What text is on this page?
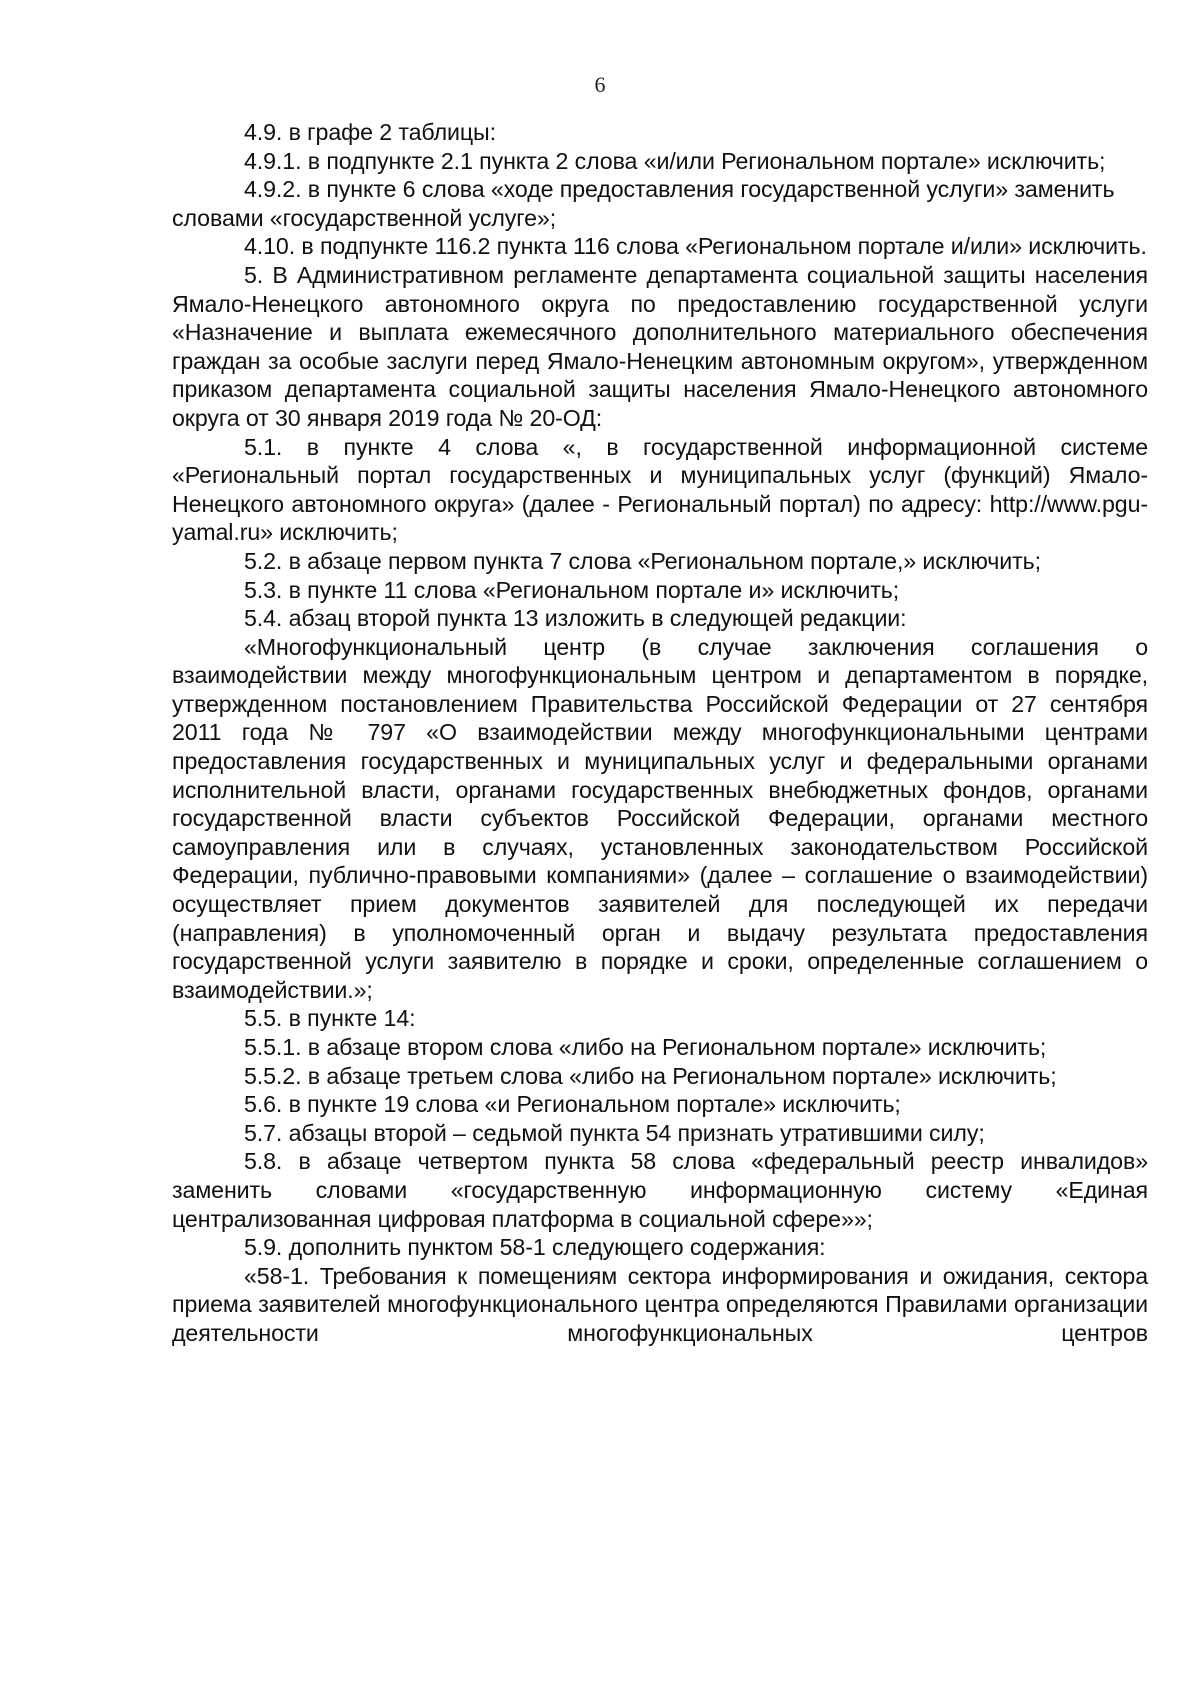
6

4.9. в графе 2 таблицы:

4.9.1. в подпункте 2.1 пункта 2 слова «и/или Региональном портале» исключить;

4.9.2. в пункте 6 слова «ходе предоставления государственной услуги» заменить словами «государственной услуге»;

4.10. в подпункте 116.2 пункта 116 слова «Региональном портале и/или» исключить.

5. В Административном регламенте департамента социальной защиты населения Ямало-Ненецкого автономного округа по предоставлению государственной услуги «Назначение и выплата ежемесячного дополнительного материального обеспечения граждан за особые заслуги перед Ямало-Ненецким автономным округом», утвержденном приказом департамента социальной защиты населения Ямало-Ненецкого автономного округа от 30 января 2019 года № 20-ОД:

5.1. в пункте 4 слова «, в государственной информационной системе «Региональный портал государственных и муниципальных услуг (функций) Ямало-Ненецкого автономного округа» (далее - Региональный портал) по адресу: http://www.pgu-yamal.ru» исключить;

5.2. в абзаце первом пункта 7 слова «Региональном портале,» исключить;

5.3. в пункте 11 слова «Региональном портале и» исключить;

5.4. абзац второй пункта 13 изложить в следующей редакции:

«Многофункциональный центр (в случае заключения соглашения о взаимодействии между многофункциональным центром и департаментом в порядке, утвержденном постановлением Правительства Российской Федерации от 27 сентября 2011 года № 797 «О взаимодействии между многофункциональными центрами предоставления государственных и муниципальных услуг и федеральными органами исполнительной власти, органами государственных внебюджетных фондов, органами государственной власти субъектов Российской Федерации, органами местного самоуправления или в случаях, установленных законодательством Российской Федерации, публично-правовыми компаниями» (далее – соглашение о взаимодействии) осуществляет прием документов заявителей для последующей их передачи (направления) в уполномоченный орган и выдачу результата предоставления государственной услуги заявителю в порядке и сроки, определенные соглашением о взаимодействии.»;

5.5. в пункте 14:

5.5.1. в абзаце втором слова «либо на Региональном портале» исключить;

5.5.2. в абзаце третьем слова «либо на Региональном портале» исключить;

5.6. в пункте 19 слова «и Региональном портале» исключить;

5.7. абзацы второй – седьмой пункта 54 признать утратившими силу;

5.8. в абзаце четвертом пункта 58 слова «федеральный реестр инвалидов» заменить словами «государственную информационную систему «Единая централизованная цифровая платформа в социальной сфере»»;

5.9. дополнить пунктом 58-1 следующего содержания:

«58-1. Требования к помещениям сектора информирования и ожидания, сектора приема заявителей многофункционального центра определяются Правилами организации деятельности многофункциональных центров
